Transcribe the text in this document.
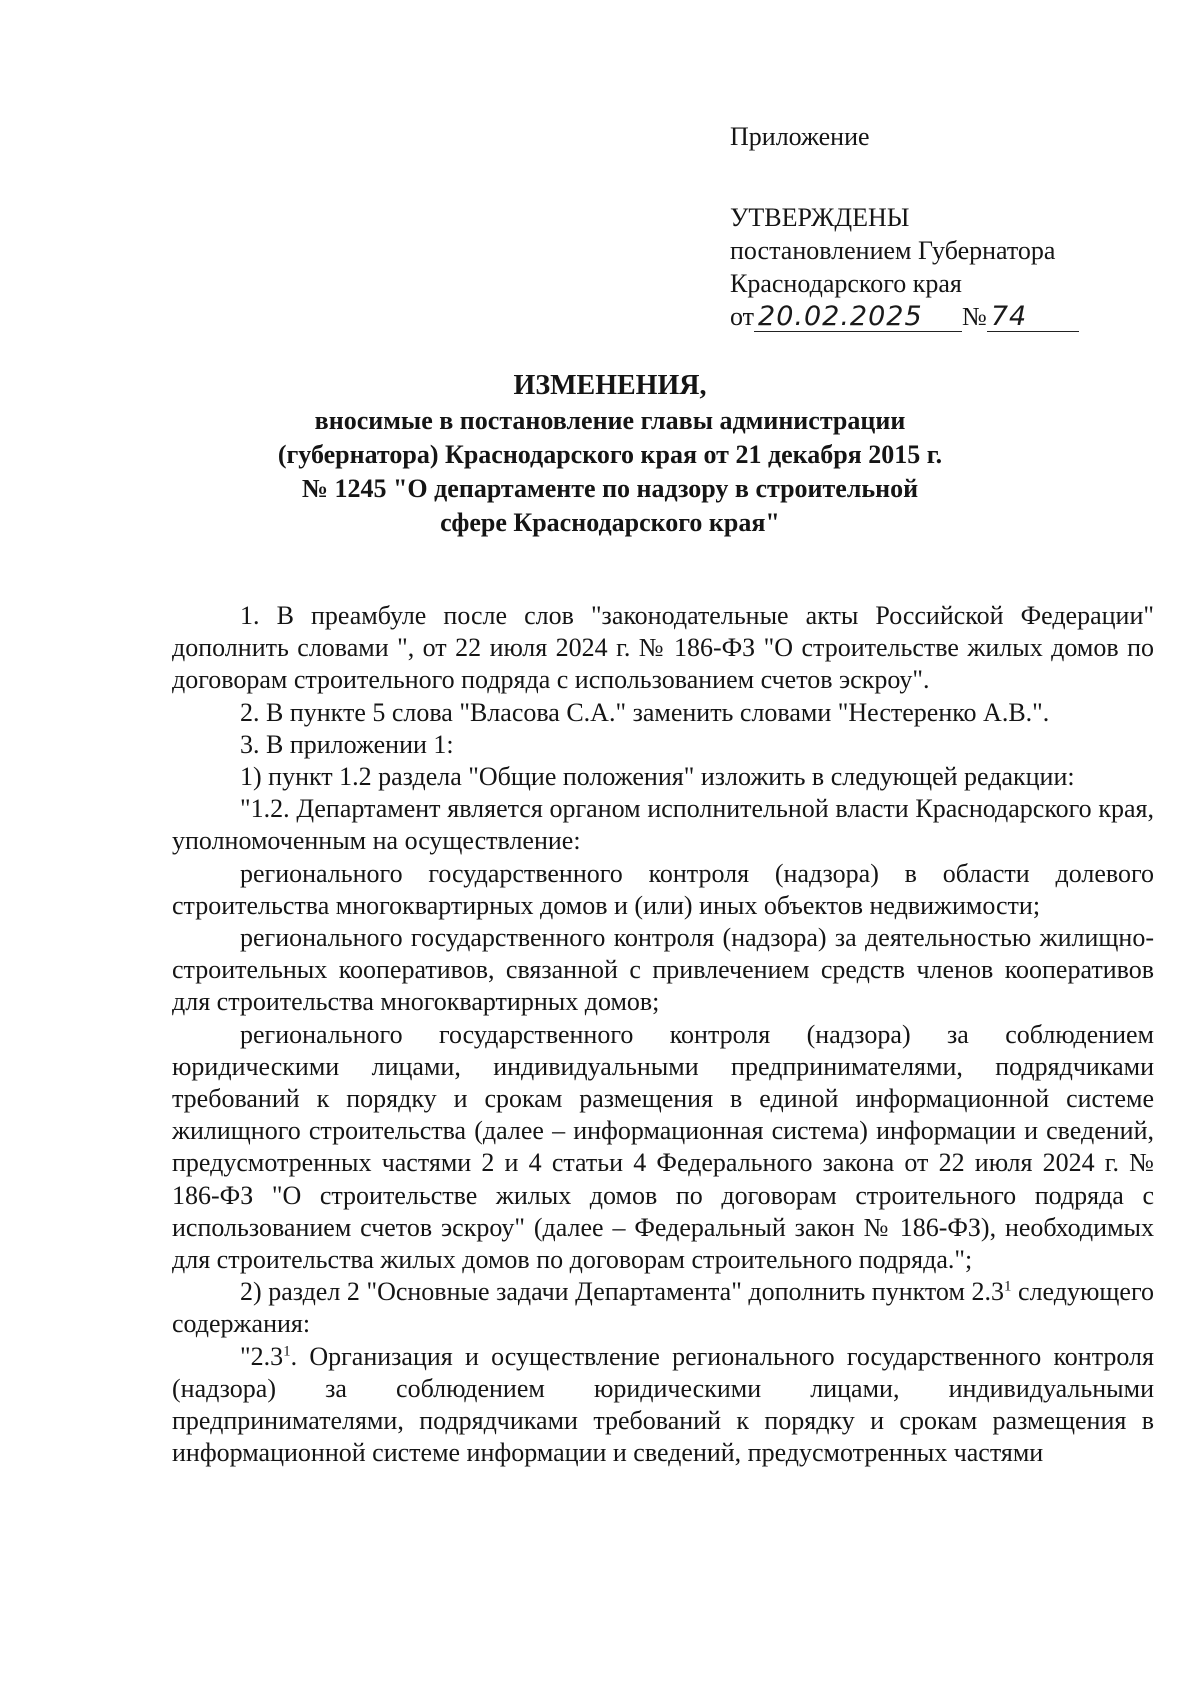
Приложение
УТВЕРЖДЕНЫ
постановлением Губернатора
Краснодарского края
от 20.02.2025 № 74
ИЗМЕНЕНИЯ,
вносимые в постановление главы администрации
(губернатора) Краснодарского края от 21 декабря 2015 г.
№ 1245 "О департаменте по надзору в строительной
сфере Краснодарского края"

1. В преамбуле после слов "законодательные акты Российской Федерации" дополнить словами ", от 22 июля 2024 г. № 186-ФЗ "О строительстве жилых домов по договорам строительного подряда с использованием счетов эскроу".

2. В пункте 5 слова "Власова С.А." заменить словами "Нестеренко А.В.".

3. В приложении 1:

1) пункт 1.2 раздела "Общие положения" изложить в следующей редакции:

"1.2. Департамент является органом исполнительной власти Краснодарского края, уполномоченным на осуществление:

регионального государственного контроля (надзора) в области долевого строительства многоквартирных домов и (или) иных объектов недвижимости;

регионального государственного контроля (надзора) за деятельностью жилищно-строительных кооперативов, связанной с привлечением средств членов кооперативов для строительства многоквартирных домов;

регионального государственного контроля (надзора) за соблюдением юридическими лицами, индивидуальными предпринимателями, подрядчиками требований к порядку и срокам размещения в единой информационной системе жилищного строительства (далее – информационная система) информации и сведений, предусмотренных частями 2 и 4 статьи 4 Федерального закона от 22 июля 2024 г. № 186-ФЗ "О строительстве жилых домов по договорам строительного подряда с использованием счетов эскроу" (далее – Федеральный закон № 186-ФЗ), необходимых для строительства жилых домов по договорам строительного подряда.";

2) раздел 2 "Основные задачи Департамента" дополнить пунктом $2.3^1$ следующего содержания:

"$2.3^1$. Организация и осуществление регионального государственного контроля (надзора) за соблюдением юридическими лицами, индивидуальными предпринимателями, подрядчиками требований к порядку и срокам размещения в информационной системе информации и сведений, предусмотренных частями
